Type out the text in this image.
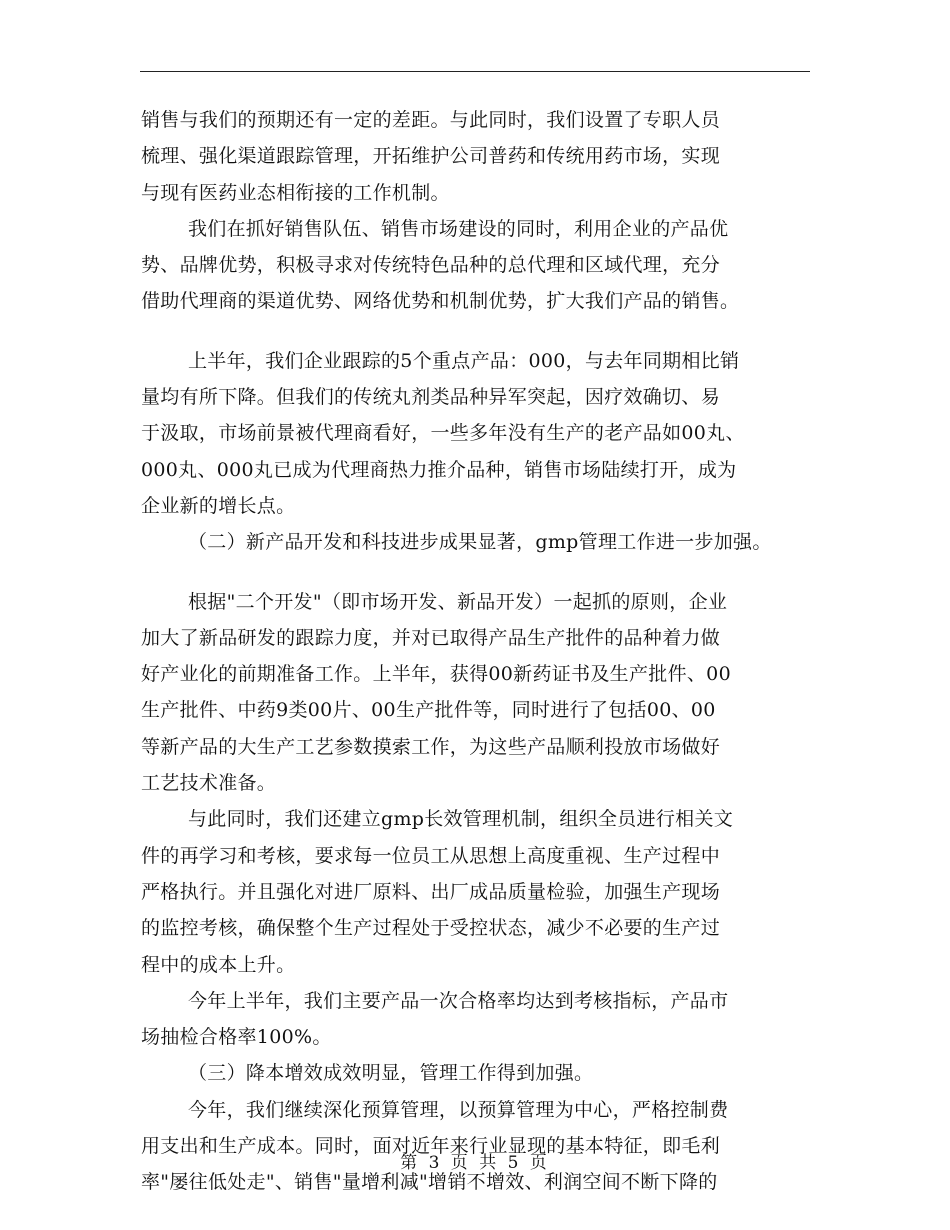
销售与我们的预期还有一定的差距。与此同时，我们设置了专职人员
梳理、强化渠道跟踪管理，开拓维护公司普药和传统用药市场，实现
与现有医药业态相衔接的工作机制。
我们在抓好销售队伍、销售市场建设的同时，利用企业的产品优
势、品牌优势，积极寻求对传统特色品种的总代理和区域代理，充分
借助代理商的渠道优势、网络优势和机制优势，扩大我们产品的销售。
上半年，我们企业跟踪的5个重点产品：000，与去年同期相比销
量均有所下降。但我们的传统丸剂类品种异军突起，因疗效确切、易
于汲取，市场前景被代理商看好，一些多年没有生产的老产品如00丸、
000丸、000丸已成为代理商热力推介品种，销售市场陆续打开，成为
企业新的增长点。
（二）新产品开发和科技进步成果显著，gmp管理工作进一步加强。
根据"二个开发"（即市场开发、新品开发）一起抓的原则，企业
加大了新品研发的跟踪力度，并对已取得产品生产批件的品种着力做
好产业化的前期准备工作。上半年，获得00新药证书及生产批件、00
生产批件、中药9类00片、00生产批件等，同时进行了包括00、00
等新产品的大生产工艺参数摸索工作，为这些产品顺利投放市场做好
工艺技术准备。
与此同时，我们还建立gmp长效管理机制，组织全员进行相关文
件的再学习和考核，要求每一位员工从思想上高度重视、生产过程中
严格执行。并且强化对进厂原料、出厂成品质量检验，加强生产现场
的监控考核，确保整个生产过程处于受控状态，减少不必要的生产过
程中的成本上升。
今年上半年，我们主要产品一次合格率均达到考核指标，产品市
场抽检合格率100%。
（三）降本增效成效明显，管理工作得到加强。
今年，我们继续深化预算管理，以预算管理为中心，严格控制费
用支出和生产成本。同时，面对近年来行业显现的基本特征，即毛利
率"屡往低处走"、销售"量增利减"增销不增效、利润空间不断下降的
第 3 页 共 5 页
